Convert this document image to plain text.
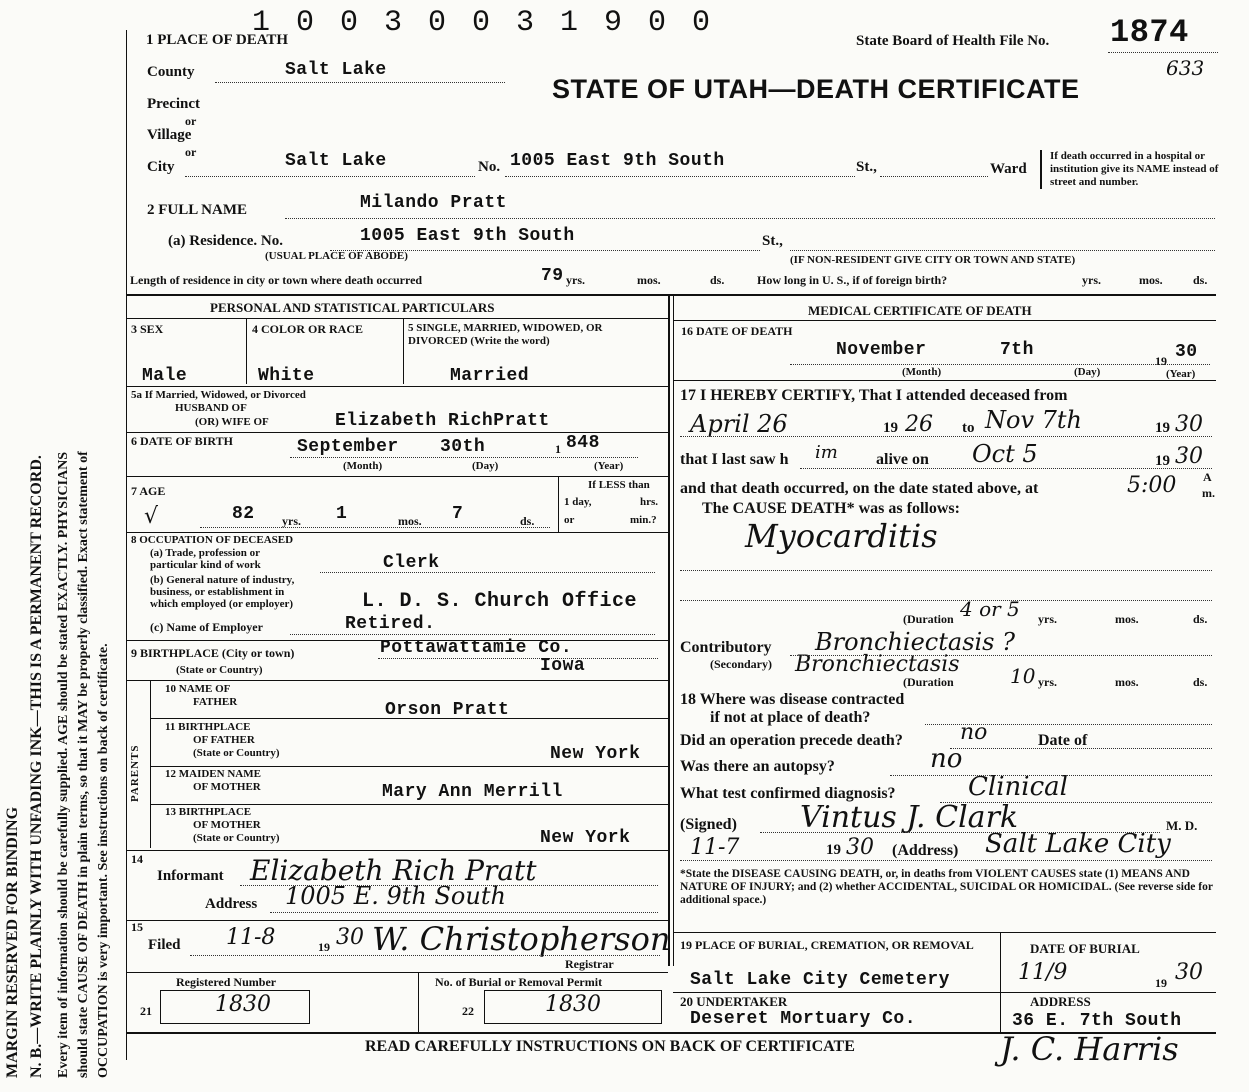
MARGIN RESERVED FOR BINDING N. B.—WRITE PLAINLY WITH UNFADING INK—THIS IS A PERMANENT RECORD. Every item of information should be carefully supplied. AGE should be stated EXACTLY. PHYSICIANS should state CAUSE OF DEATH in plain terms, so that it MAY be properly classified. Exact statement of OCCUPATION is very important. See instructions on back of certificate.
1 0 0 3 0 0 3 1 9 0 0
1 PLACE OF DEATH	State Board of Health File No. 1874
633
STATE OF UTAH—DEATH CERTIFICATE
County	Salt Lake
Precinct
or
Village
or
City	Salt Lake	No. 1005 East 9th South	St.,	Ward
If death occurred in a hospital or institution give its NAME instead of street and number.
2 FULL NAME	Milando Pratt
(a) Residence. No.	1005 East 9th South	St.,
(USUAL PLACE OF ABODE)	(IF NON-RESIDENT GIVE CITY OR TOWN AND STATE)
Length of residence in city or town where death occurred	79 yrs.	mos.	ds.	How long in U. S., if of foreign birth?	yrs.	mos.	ds.
PERSONAL AND STATISTICAL PARTICULARS
3 SEX	4 COLOR OR RACE	5 SINGLE, MARRIED, WIDOWED, OR DIVORCED (Write the word)
Male	White	Married
5a If Married, Widowed, or Divorced
HUSBAND OF
(OR) WIFE OF	Elizabeth RichPratt
6 DATE OF BIRTH	September 30th	1 848
(Month)	(Day)	(Year)
7 AGE
√	82 yrs. 1	mos. 7	ds.
If LESS than
1 day,	hrs.
or	min.?
8 OCCUPATION OF DECEASED
(a) Trade, profession or
particular kind of work	Clerk
(b) General nature of industry,
business, or establishment in
which employed (or employer)	L. D. S. Church Office
(c) Name of Employer	Retired.
9 BIRTHPLACE (City or town)	Pottawattamie Co.
(State or Country)	Iowa
PARENTS
10 NAME OF
FATHER	Orson Pratt
11 BIRTHPLACE
OF FATHER
(State or Country)	New York
12 MAIDEN NAME
OF MOTHER	Mary Ann Merrill
13 BIRTHPLACE
OF MOTHER
(State or Country)	New York
14
Informant Elizabeth Rich Pratt
Address 1005 E. 9th South
15
Filed 11-8	19 30 W. Christopherson
Registrar
Registered Number	No. of Burial or Removal Permit
21	1830	22	1830
MEDICAL CERTIFICATE OF DEATH
16 DATE OF DEATH
November	7th
19 30
(Month)	(Day)	(Year)
17 I HEREBY CERTIFY, That I attended deceased from
April 26	19 26 to Nov 7th	19 30
that I last saw h im alive on Oct 5	19 30
and that death occurred, on the date stated above, at	5:00 A
m.
The CAUSE DEATH* was as follows:
Myocarditis
(Duration 4 or 5 yrs.	mos.	ds.
Contributory Bronchiectasis ?
(Secondary) Bronchiectasis
(Duration	10 yrs.	mos.	ds.
18 Where was disease contracted
if not at place of death?
Did an operation precede death?	no	Date of
Was there an autopsy?	no
What test confirmed diagnosis?	Clinical
(Signed) Vintus J. Clark	M. D.
11-7	19 30 (Address) Salt Lake City
*State the DISEASE CAUSING DEATH, or, in deaths from VIOLENT CAUSES state (1) MEANS AND NATURE OF INJURY; and (2) whether ACCIDENTAL, SUICIDAL OR HOMICIDAL. (See reverse side for additional space.)
19 PLACE OF BURIAL, CREMATION, OR REMOVAL
Salt Lake City Cemetery
DATE OF BURIAL
11/9	19 30
20 UNDERTAKER
Deseret Mortuary Co.
ADDRESS
36 E. 7th South
READ CAREFULLY INSTRUCTIONS ON BACK OF CERTIFICATE	J. C. Harris
